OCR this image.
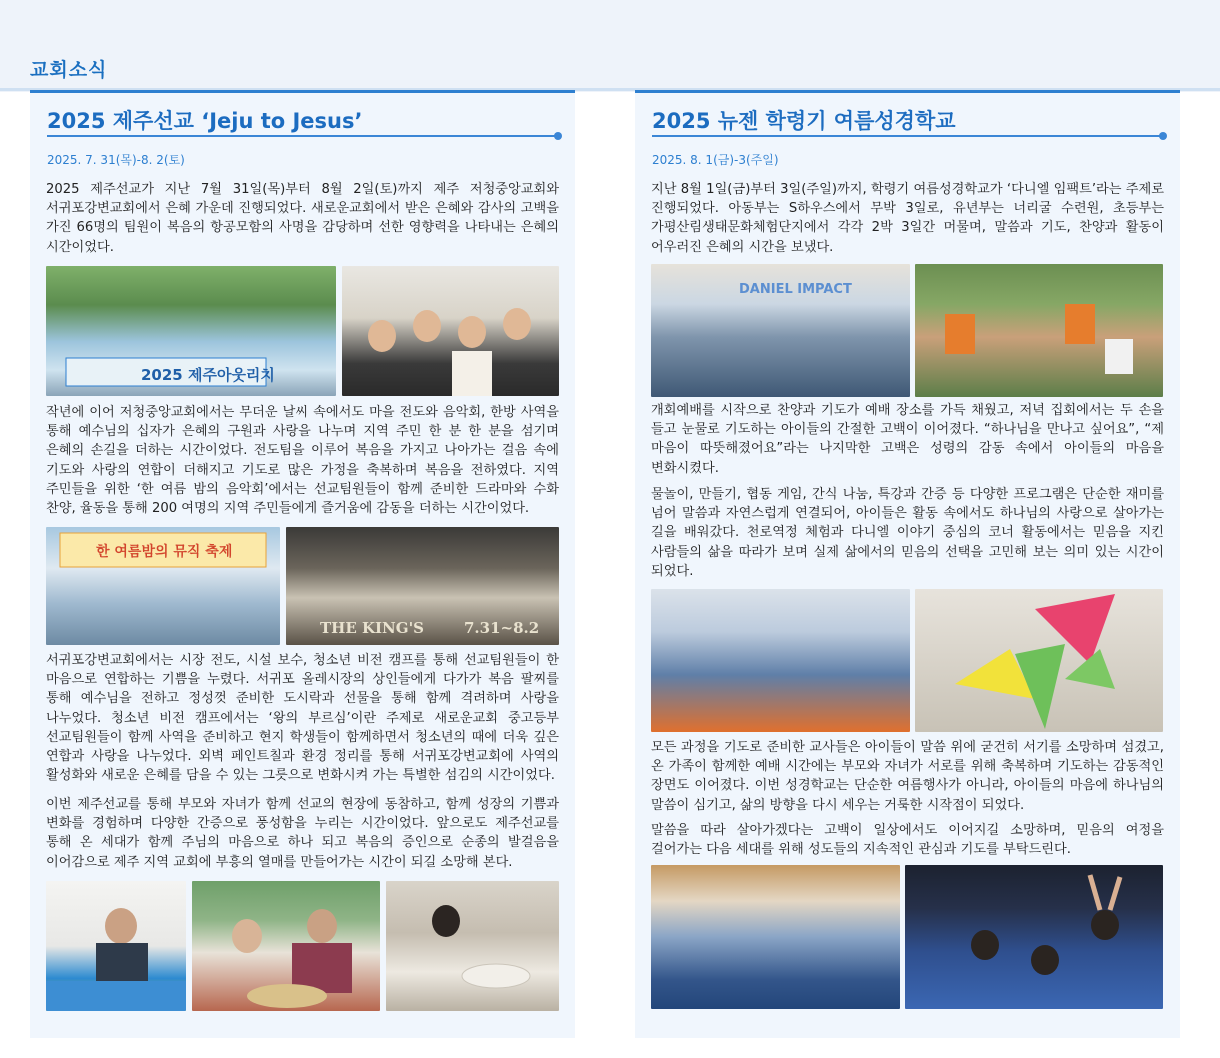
교회소식
2025 제주선교 ‘Jeju to Jesus’
2025. 7. 31(목)-8. 2(토)

2025 제주선교가 지난 7월 31일(목)부터 8월 2일(토)까지 제주 저청중앙교회와 서귀포강변교회에서 은혜 가운데 진행되었다. 새로운교회에서 받은 은혜와 감사의 고백을 가진 66명의 팀원이 복음의 항공모함의 사명을 감당하며 선한 영향력을 나타내는 은혜의 시간이었다.

2025 제주아웃리치

작년에 이어 저청중앙교회에서는 무더운 날씨 속에서도 마을 전도와 음악회, 한방 사역을 통해 예수님의 십자가 은혜의 구원과 사랑을 나누며 지역 주민 한 분 한 분을 섬기며 은혜의 손길을 더하는 시간이었다. 전도팀을 이루어 복음을 가지고 나아가는 걸음 속에 기도와 사랑의 연합이 더해지고 기도로 많은 가정을 축복하며 복음을 전하였다. 지역 주민들을 위한 ‘한 여름 밤의 음악회’에서는 선교팀원들이 함께 준비한 드라마와 수화 찬양, 율동을 통해 200 여명의 지역 주민들에게 즐거움에 감동을 더하는 시간이었다.

한 여름밤의 뮤직 축제
THE KING'S	7.31~8.2

서귀포강변교회에서는 시장 전도, 시설 보수, 청소년 비전 캠프를 통해 선교팀원들이 한 마음으로 연합하는 기쁨을 누렸다. 서귀포 올레시장의 상인들에게 다가가 복음 팔찌를 통해 예수님을 전하고 정성껏 준비한 도시락과 선물을 통해 함께 격려하며 사랑을 나누었다. 청소년 비전 캠프에서는 ‘왕의 부르심’이란 주제로 새로운교회 중고등부 선교팀원들이 함께 사역을 준비하고 현지 학생들이 함께하면서 청소년의 때에 더욱 깊은 연합과 사랑을 나누었다. 외벽 페인트칠과 환경 정리를 통해 서귀포강변교회에 사역의 활성화와 새로운 은혜를 담을 수 있는 그릇으로 변화시켜 가는 특별한 섬김의 시간이었다.

이번 제주선교를 통해 부모와 자녀가 함께 선교의 현장에 동참하고, 함께 성장의 기쁨과 변화를 경험하며 다양한 간증으로 풍성함을 누리는 시간이었다. 앞으로도 제주선교를 통해 온 세대가 함께 주님의 마음으로 하나 되고 복음의 증인으로 순종의 발걸음을 이어감으로 제주 지역 교회에 부흥의 열매를 만들어가는 시간이 되길 소망해 본다.

2025 뉴젠 학령기 여름성경학교
2025. 8. 1(금)-3(주일)

지난 8월 1일(금)부터 3일(주일)까지, 학령기 여름성경학교가 ‘다니엘 임팩트’라는 주제로 진행되었다. 아동부는 S하우스에서 무박 3일로, 유년부는 너리굴 수련원, 초등부는 가평산림생태문화체험단지에서 각각 2박 3일간 머물며, 말씀과 기도, 찬양과 활동이 어우러진 은혜의 시간을 보냈다.

DANIEL IMPACT

개회예배를 시작으로 찬양과 기도가 예배 장소를 가득 채웠고, 저녁 집회에서는 두 손을 들고 눈물로 기도하는 아이들의 간절한 고백이 이어졌다. “하나님을 만나고 싶어요”, “제 마음이 따뜻해졌어요”라는 나지막한 고백은 성령의 감동 속에서 아이들의 마음을 변화시켰다.

물놀이, 만들기, 협동 게임, 간식 나눔, 특강과 간증 등 다양한 프로그램은 단순한 재미를 넘어 말씀과 자연스럽게 연결되어, 아이들은 활동 속에서도 하나님의 사랑으로 살아가는 길을 배워갔다. 천로역정 체험과 다니엘 이야기 중심의 코너 활동에서는 믿음을 지킨 사람들의 삶을 따라가 보며 실제 삶에서의 믿음의 선택을 고민해 보는 의미 있는 시간이 되었다.

모든 과정을 기도로 준비한 교사들은 아이들이 말씀 위에 굳건히 서기를 소망하며 섬겼고, 온 가족이 함께한 예배 시간에는 부모와 자녀가 서로를 위해 축복하며 기도하는 감동적인 장면도 이어졌다. 이번 성경학교는 단순한 여름행사가 아니라, 아이들의 마음에 하나님의 말씀이 심기고, 삶의 방향을 다시 세우는 거룩한 시작점이 되었다.

말씀을 따라 살아가겠다는 고백이 일상에서도 이어지길 소망하며, 믿음의 여정을 걸어가는 다음 세대를 위해 성도들의 지속적인 관심과 기도를 부탁드린다.
